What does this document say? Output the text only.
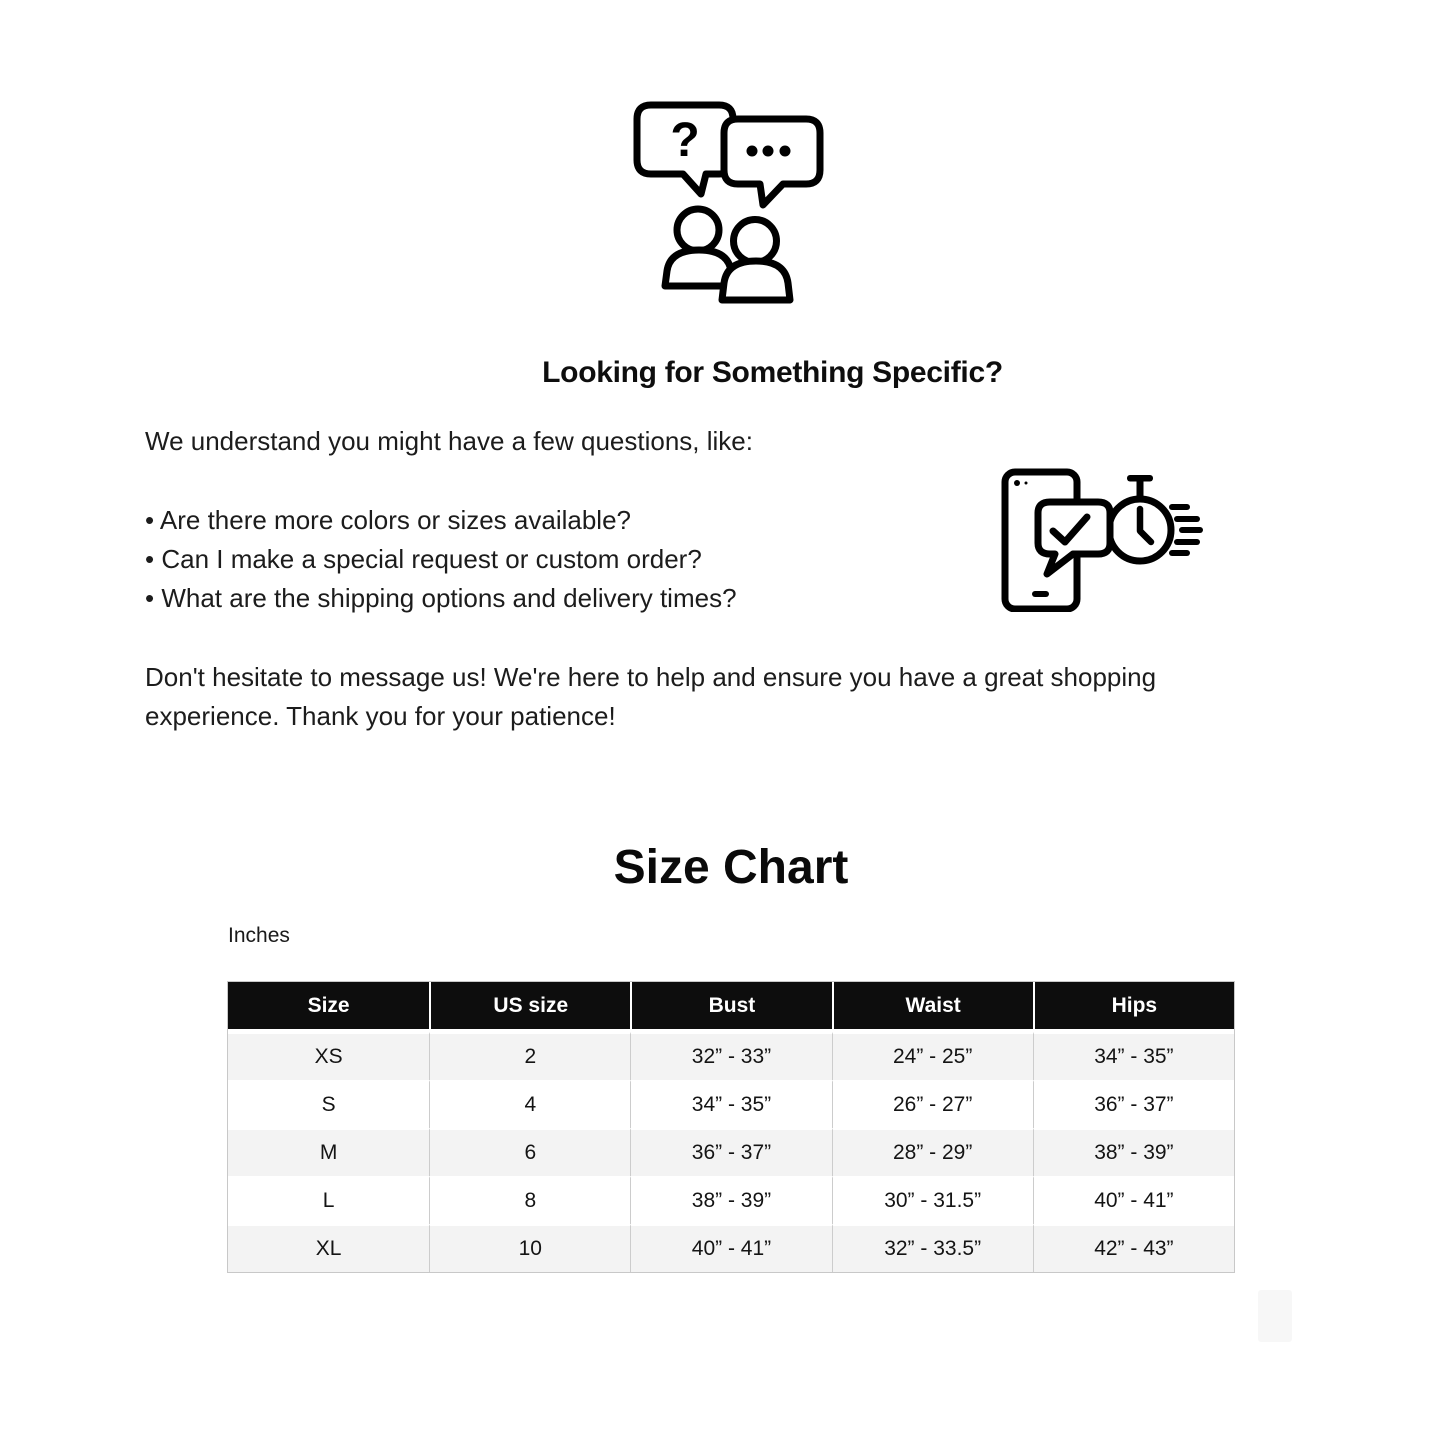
?
Looking for Something Specific?

We understand you might have a few questions, like:

• Are there more colors or sizes available?
• Can I make a special request or custom order?
• What are the shipping options and delivery times?

Don't hesitate to message us! We're here to help and ensure you have a great shopping experience. Thank you for your patience!

Size Chart
Inches
Size	US size	Bust	Waist	Hips
XS	2	32” - 33”	24” - 25”	34” - 35”
S	4	34” - 35”	26” - 27”	36” - 37”
M	6	36” - 37”	28” - 29”	38” - 39”
L	8	38” - 39”	30” - 31.5”	40” - 41”
XL	10	40” - 41”	32” - 33.5”	42” - 43”
